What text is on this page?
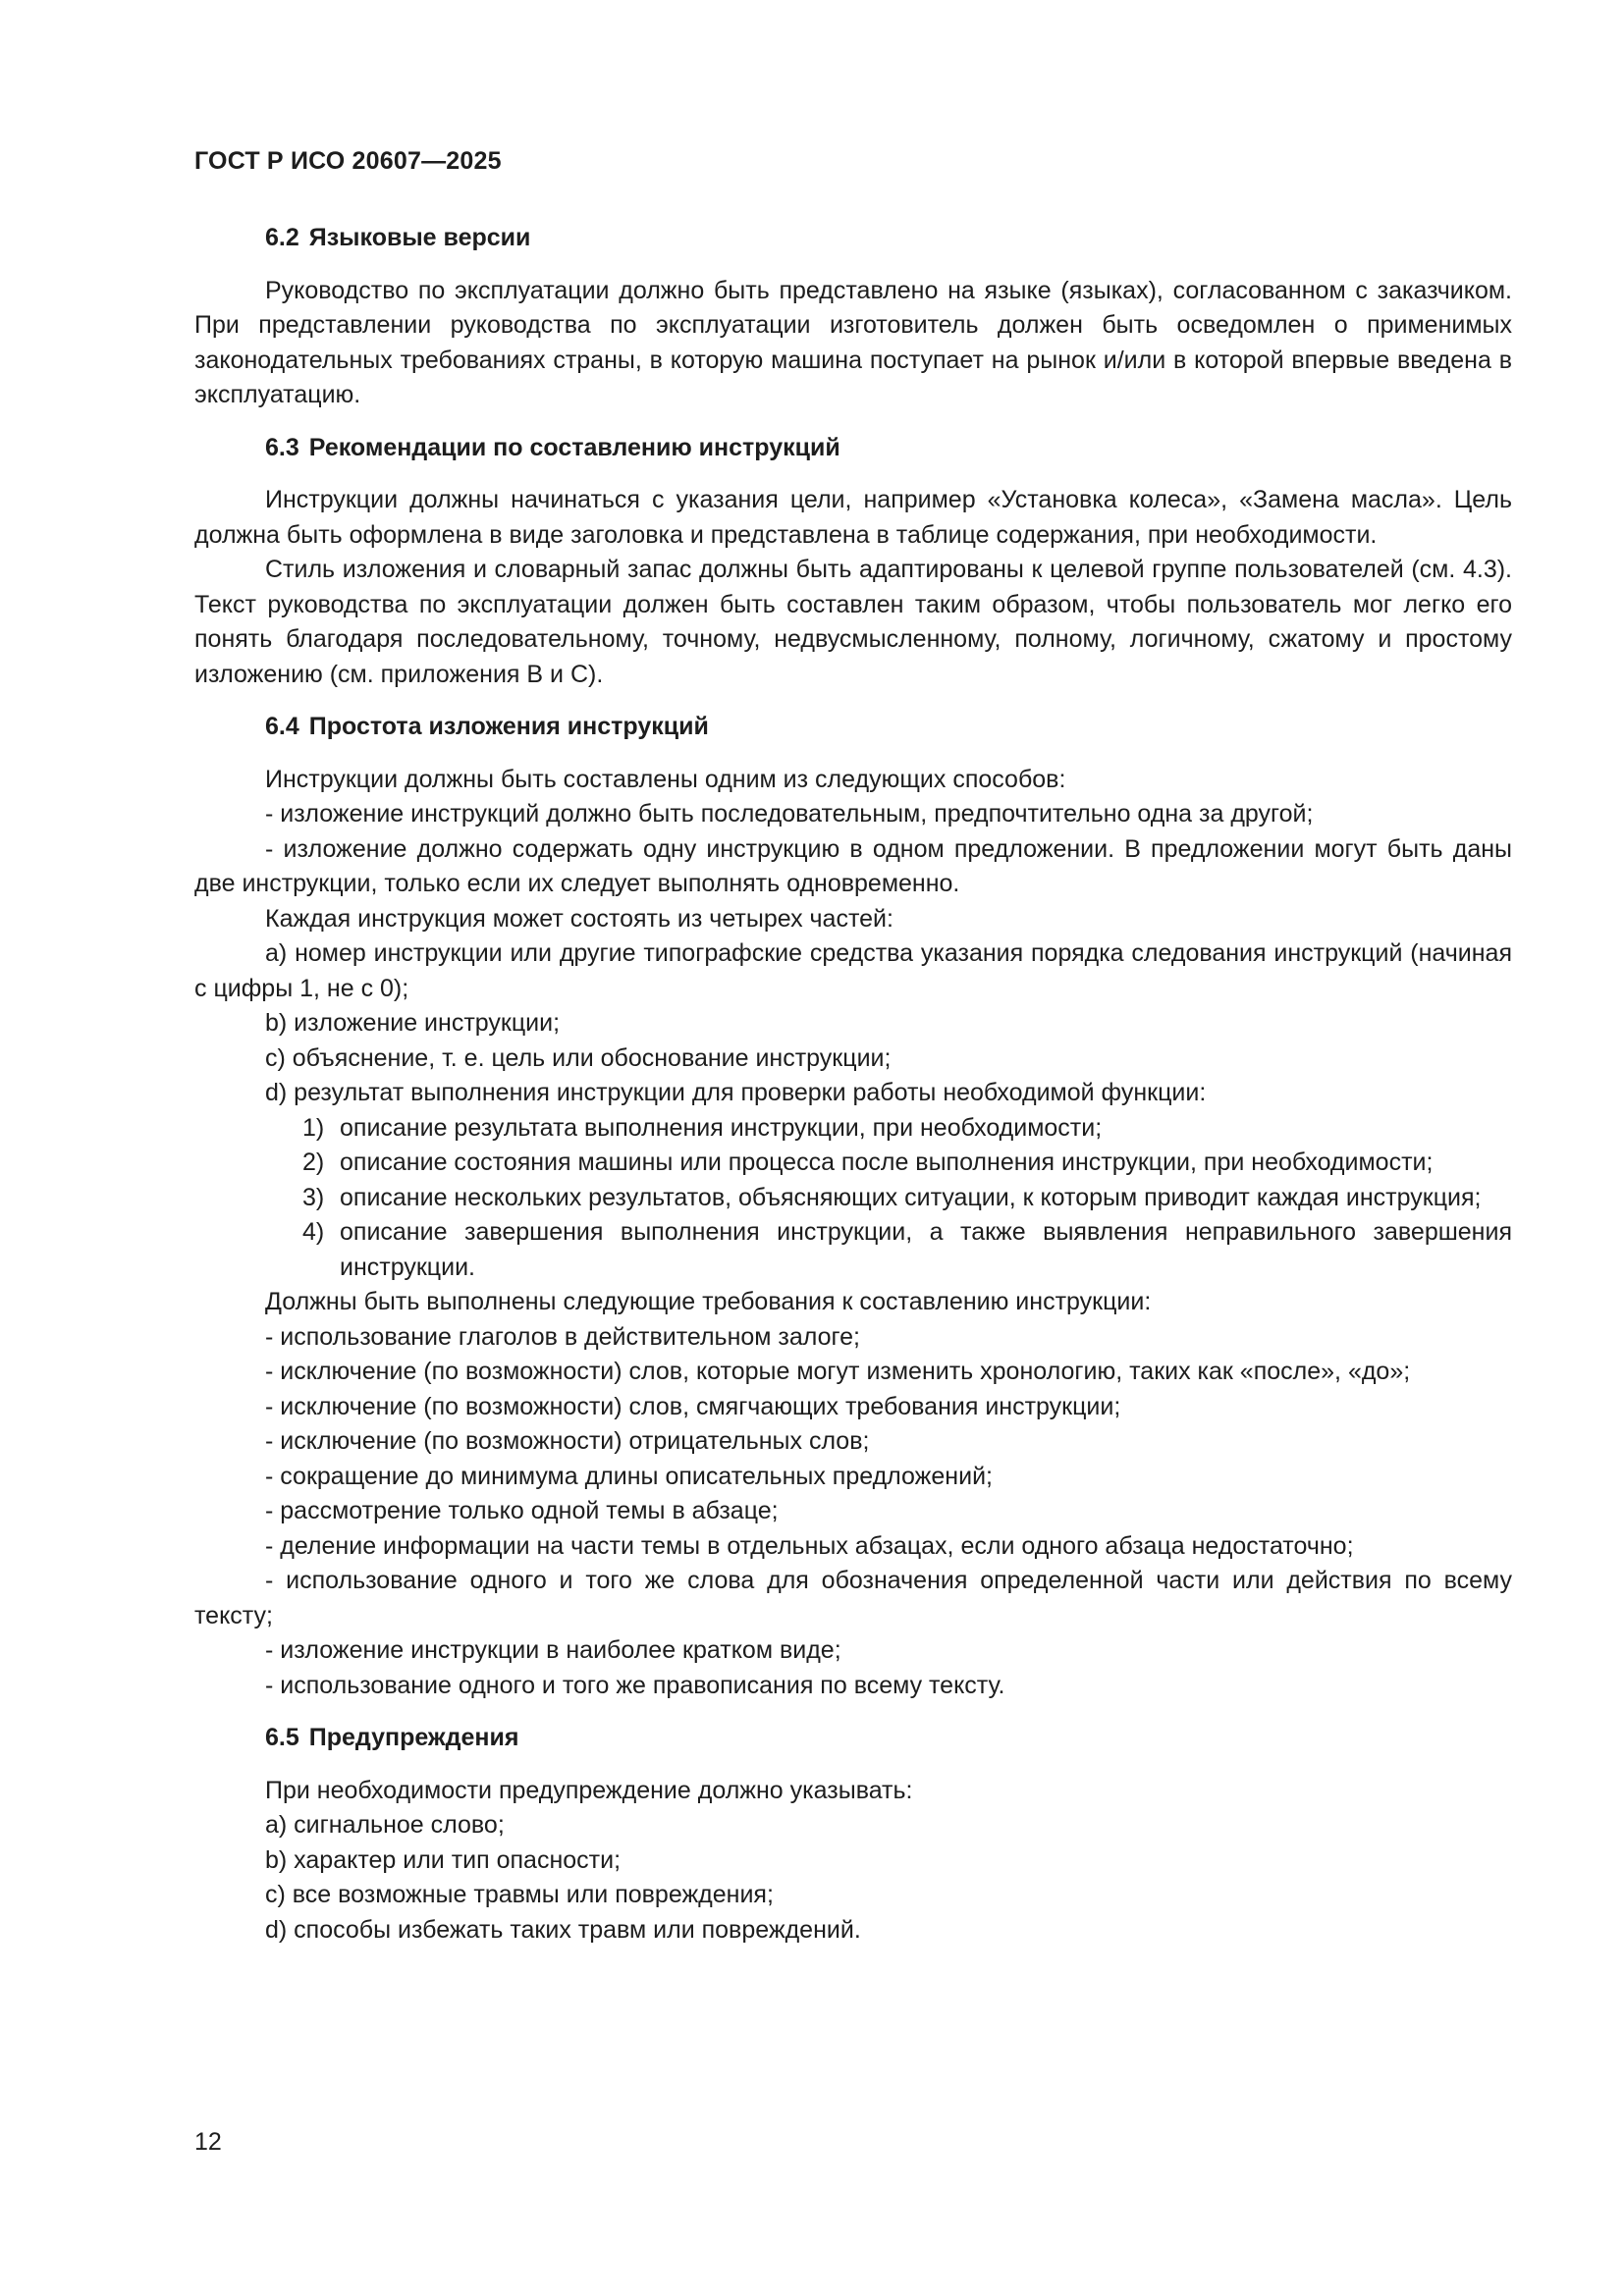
ГОСТ Р ИСО 20607—2025

6.2 Языковые версии

Руководство по эксплуатации должно быть представлено на языке (языках), согласованном с заказчиком. При представлении руководства по эксплуатации изготовитель должен быть осведомлен о применимых законодательных требованиях страны, в которую машина поступает на рынок и/или в которой впервые введена в эксплуатацию.

6.3 Рекомендации по составлению инструкций

Инструкции должны начинаться с указания цели, например «Установка колеса», «Замена масла». Цель должна быть оформлена в виде заголовка и представлена в таблице содержания, при необходимости.

Стиль изложения и словарный запас должны быть адаптированы к целевой группе пользователей (см. 4.3). Текст руководства по эксплуатации должен быть составлен таким образом, чтобы пользователь мог легко его понять благодаря последовательному, точному, недвусмысленному, полному, логичному, сжатому и простому изложению (см. приложения B и C).

6.4 Простота изложения инструкций

Инструкции должны быть составлены одним из следующих способов:

- изложение инструкций должно быть последовательным, предпочтительно одна за другой;

- изложение должно содержать одну инструкцию в одном предложении. В предложении могут быть даны две инструкции, только если их следует выполнять одновременно.

Каждая инструкция может состоять из четырех частей:

a) номер инструкции или другие типографские средства указания порядка следования инструкций (начиная с цифры 1, не с 0);

b) изложение инструкции;

c) объяснение, т. е. цель или обоснование инструкции;

d) результат выполнения инструкции для проверки работы необходимой функции:

1) описание результата выполнения инструкции, при необходимости;
2) описание состояния машины или процесса после выполнения инструкции, при необходимости;
3) описание нескольких результатов, объясняющих ситуации, к которым приводит каждая инструкция;
4) описание завершения выполнения инструкции, а также выявления неправильного завершения инструкции.

Должны быть выполнены следующие требования к составлению инструкции:

- использование глаголов в действительном залоге;

- исключение (по возможности) слов, которые могут изменить хронологию, таких как «после», «до»;

- исключение (по возможности) слов, смягчающих требования инструкции;

- исключение (по возможности) отрицательных слов;

- сокращение до минимума длины описательных предложений;

- рассмотрение только одной темы в абзаце;

- деление информации на части темы в отдельных абзацах, если одного абзаца недостаточно;

- использование одного и того же слова для обозначения определенной части или действия по всему тексту;

- изложение инструкции в наиболее кратком виде;

- использование одного и того же правописания по всему тексту.

6.5 Предупреждения

При необходимости предупреждение должно указывать:

a) сигнальное слово;

b) характер или тип опасности;

c) все возможные травмы или повреждения;

d) способы избежать таких травм или повреждений.

12
